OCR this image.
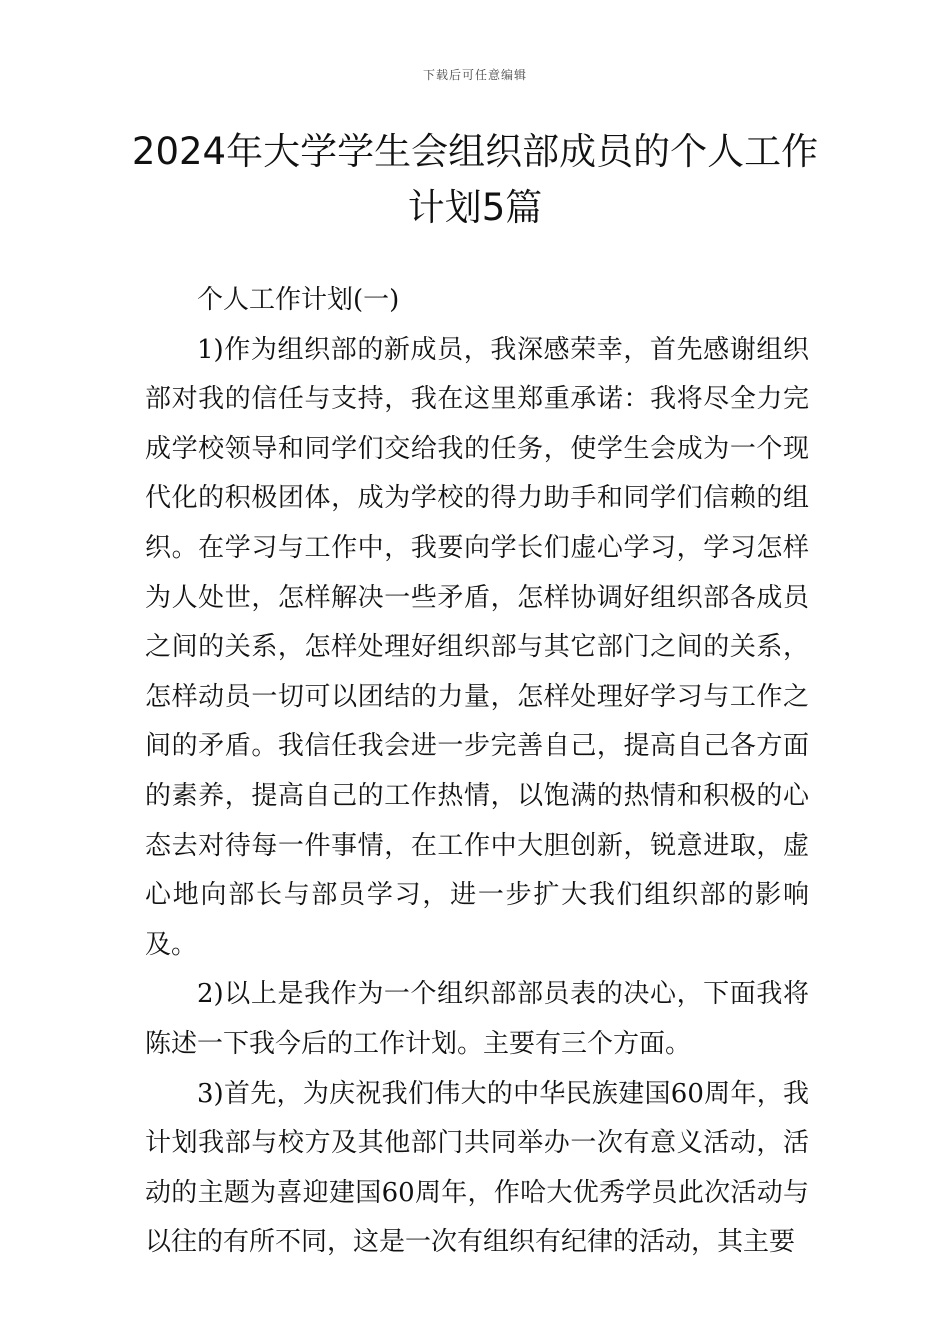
下载后可任意编辑
2024年大学学生会组织部成员的个人工作计划5篇

个人工作计划(一)

1)作为组织部的新成员，我深感荣幸，首先感谢组织部对我的信任与支持，我在这里郑重承诺：我将尽全力完成学校领导和同学们交给我的任务，使学生会成为一个现代化的积极团体，成为学校的得力助手和同学们信赖的组织。在学习与工作中，我要向学长们虚心学习，学习怎样为人处世，怎样解决一些矛盾，怎样协调好组织部各成员之间的关系，怎样处理好组织部与其它部门之间的关系，怎样动员一切可以团结的力量，怎样处理好学习与工作之间的矛盾。我信任我会进一步完善自己，提高自己各方面的素养，提高自己的工作热情，以饱满的热情和积极的心态去对待每一件事情，在工作中大胆创新，锐意进取，虚心地向部长与部员学习，进一步扩大我们组织部的影响及。

2)以上是我作为一个组织部部员表的决心，下面我将陈述一下我今后的工作计划。主要有三个方面。

3)首先，为庆祝我们伟大的中华民族建国60周年，我计划我部与校方及其他部门共同举办一次有意义活动，活动的主题为喜迎建国60周年，作哈大优秀学员此次活动与以往的有所不同，这是一次有组织有纪律的活动，其主要
